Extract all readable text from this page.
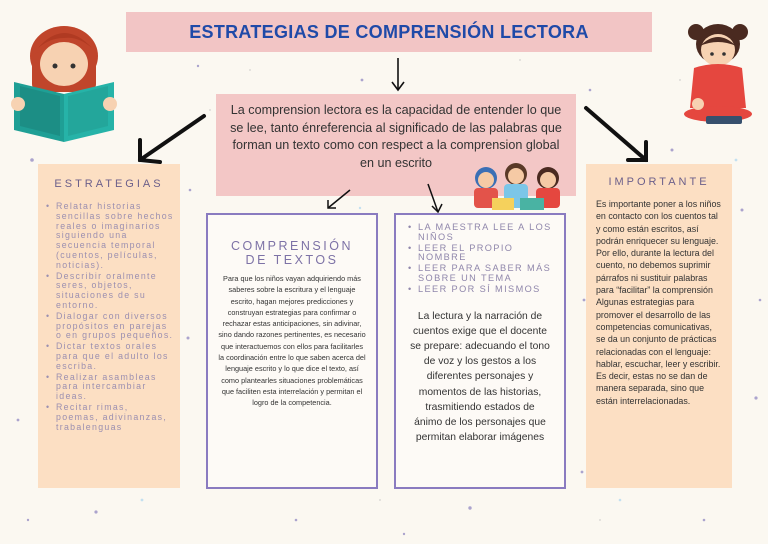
ESTRATEGIAS DE COMPRENSIÓN LECTORA
La comprension lectora es la capacidad de entender lo que se lee, tanto énreferencia al significado de las palabras que forman un texto como con respect a la comprension global en un escrito
ESTRATEGIAS
• Relatar historias sencillas sobre hechos reales o imaginarios siguiendo una secuencia temporal (cuentos, películas, noticias).
• Describir oralmente seres, objetos, situaciones de su entorno.
• Dialogar con diversos propósitos en parejas o en grupos pequeños.
• Dictar textos orales para que el adulto los escriba.
• Realizar asambleas para intercambiar ideas.
• Recitar rimas, poemas, adivinanzas, trabalenguas
COMPRENSIÓN DE TEXTOS
Para que los niños vayan adquiriendo más saberes sobre la escritura y el lenguaje escrito, hagan mejores predicciones y construyan estrategias para confirmar o rechazar estas anticipaciones, sin adivinar, sino dando razones pertinentes, es necesario que interactuemos con ellos para facilitarles la coordinación entre lo que saben acerca del lenguaje escrito y lo que dice el texto, así como plantearles situaciones problemáticas que faciliten esta interrelación y permitan el logro de la competencia.
• LA MAESTRA LEE A LOS NIÑOS
• LEER EL PROPIO NOMBRE
• LEER PARA SABER MÁS SOBRE UN TEMA
• LEER POR SÍ MISMOS
La lectura y la narración de cuentos exige que el docente se prepare: adecuando el tono de voz y los gestos a los diferentes personajes y momentos de las historias, trasmitiendo estados de ánimo de los personajes que permitan elaborar imágenes
IMPORTANTE
Es importante poner a los niños en contacto con los cuentos tal y como están escritos, así podrán enriquecer su lenguaje. Por ello, durante la lectura del cuento, no debemos suprimir párrafos ni sustituir palabras para “facilitar” la comprensión Algunas estrategias para promover el desarrollo de las competencias comunicativas, se da un conjunto de prácticas relacionadas con el lenguaje: hablar, escuchar, leer y escribir. Es decir, estas no se dan de manera separada, sino que están interrelacionadas.
